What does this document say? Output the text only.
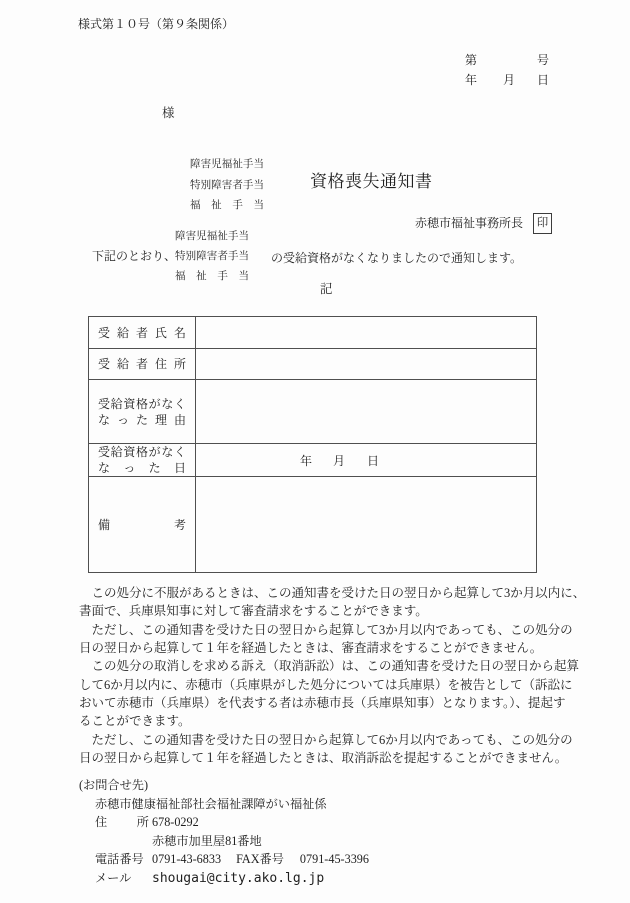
様式第１０号（第９条関係）
第	号
年 月 日
様
障害児福祉手当
特別障害者手当
福祉手当
資格喪失通知書
赤穂市福祉事務所長	印
下記のとおり、
障害児福祉手当
特別障害者手当
福祉手当
の受給資格がなくなりましたので通知します。
記
受給者氏名	

受給者住所	

受給資格がなく
なった理由	

受給資格がなく
なった日	年 月 日

備考	

　この処分に不服があるときは、この通知書を受けた日の翌日から起算して3か月以内に、
書面で、兵庫県知事に対して審査請求をすることができます。
　ただし、この通知書を受けた日の翌日から起算して3か月以内であっても、この処分の
日の翌日から起算して１年を経過したときは、審査請求をすることができません。
　この処分の取消しを求める訴え（取消訴訟）は、この通知書を受けた日の翌日から起算
して6か月以内に、赤穂市（兵庫県がした処分については兵庫県）を被告として（訴訟に
おいて赤穂市（兵庫県）を代表する者は赤穂市長（兵庫県知事）となります。）、提起す
ることができます。
　ただし、この通知書を受けた日の翌日から起算して6か月以内であっても、この処分の
日の翌日から起算して１年を経過したときは、取消訴訟を提起することができません。
(お問合せ先)
赤穂市健康福祉部社会福祉課障がい福祉係
住所 678-0292
赤穂市加里屋81番地
電話番号 0791-43-6833 FAX番号 0791-45-3396
メール shougai@city.ako.lg.jp
